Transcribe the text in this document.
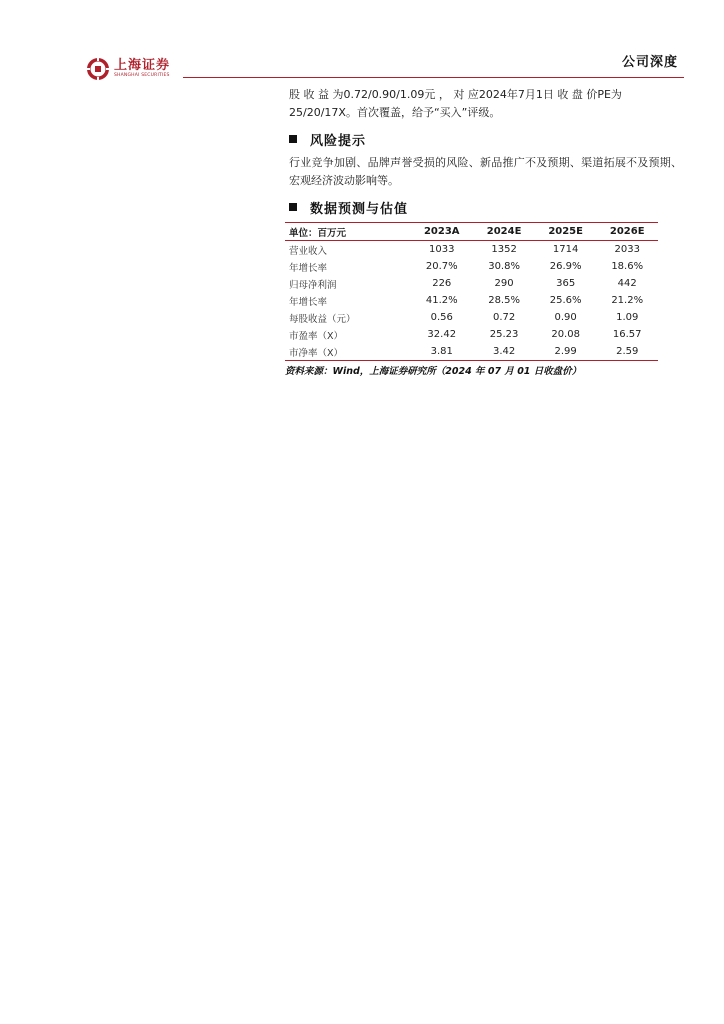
上海证券
SHANGHAI SECURITIES
公司深度

股 收 益 为0.72/0.90/1.09元 ， 对 应2024年7月1日 收 盘 价PE为
25/20/17X。首次覆盖，给予“买入”评级。

风险提示

行业竞争加剧、品牌声誉受损的风险、新品推广不及预期、渠道拓展不及预期、宏观经济波动影响等。

数据预测与估值
单位：百万元	2023A	2024E	2025E	2026E
营业收入	1033	1352	1714	2033
年增长率	20.7%	30.8%	26.9%	18.6%
归母净利润	226	290	365	442
年增长率	41.2%	28.5%	25.6%	21.2%
每股收益（元）	0.56	0.72	0.90	1.09
市盈率（X）	32.42	25.23	20.08	16.57
市净率（X）	3.81	3.42	2.99	2.59
资料来源：Wind，上海证券研究所（2024 年 07 月 01 日收盘价）
